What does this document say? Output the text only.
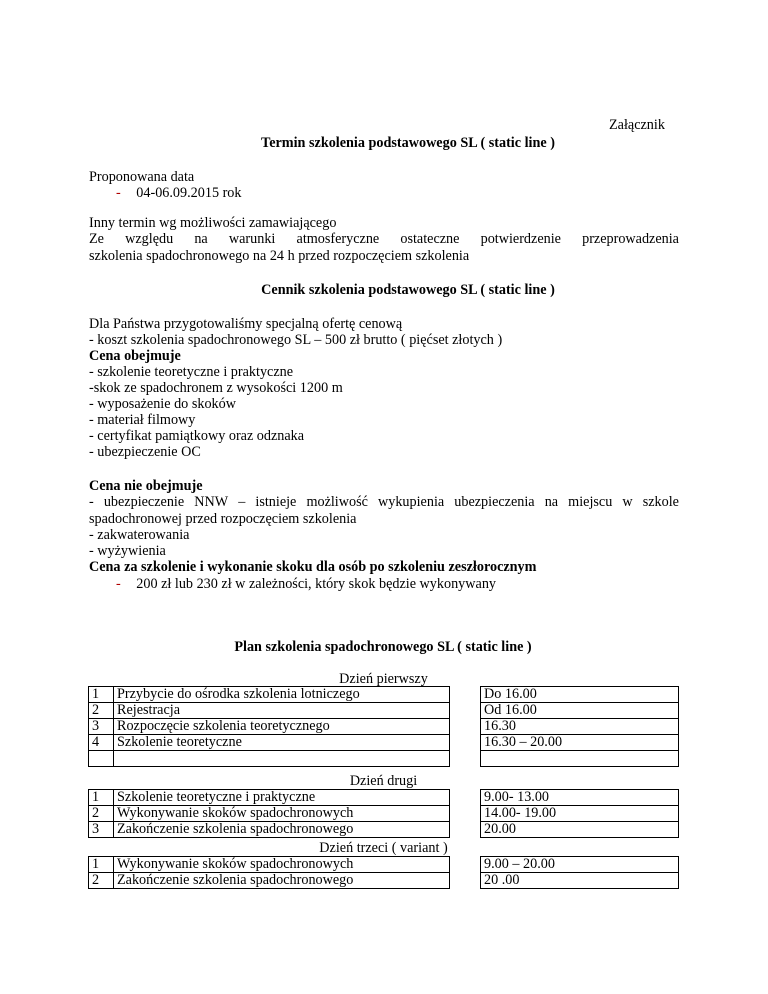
Załącznik
Termin szkolenia podstawowego SL ( static line )
Proponowana data
- 04-06.09.2015 rok
Inny termin wg możliwości zamawiającego
Ze względu na warunki atmosferyczne ostateczne potwierdzenie przeprowadzenia
szkolenia spadochronowego na 24 h przed rozpoczęciem szkolenia
Cennik szkolenia podstawowego SL ( static line )
Dla Państwa przygotowaliśmy specjalną ofertę cenową
- koszt szkolenia spadochronowego SL – 500 zł brutto ( pięćset złotych )
Cena obejmuje
- szkolenie teoretyczne i praktyczne
-skok ze spadochronem z wysokości 1200 m
- wyposażenie do skoków
- materiał filmowy
- certyfikat pamiątkowy oraz odznaka
- ubezpieczenie OC
Cena nie obejmuje
- ubezpieczenie NNW – istnieje możliwość wykupienia ubezpieczenia na miejscu w szkole
spadochronowej przed rozpoczęciem szkolenia
- zakwaterowania
- wyżywienia
Cena za szkolenie i wykonanie skoku dla osób po szkoleniu zeszłorocznym
- 200 zł lub 230 zł w zależności, który skok będzie wykonywany
Plan szkolenia spadochronowego SL ( static line )
Dzień pierwszy
1	Przybycie do ośrodka szkolenia lotniczego		Do 16.00
2	Rejestracja		Od 16.00
3	Rozpoczęcie szkolenia teoretycznego		16.30
4	Szkolenie teoretyczne		16.30 – 20.00

Dzień drugi
1	Szkolenie teoretyczne i praktyczne		9.00- 13.00
2	Wykonywanie skoków spadochronowych		14.00- 19.00
3	Zakończenie szkolenia spadochronowego		20.00
Dzień trzeci ( variant )
1	Wykonywanie skoków spadochronowych		9.00 – 20.00
2	Zakończenie szkolenia spadochronowego		20 .00
